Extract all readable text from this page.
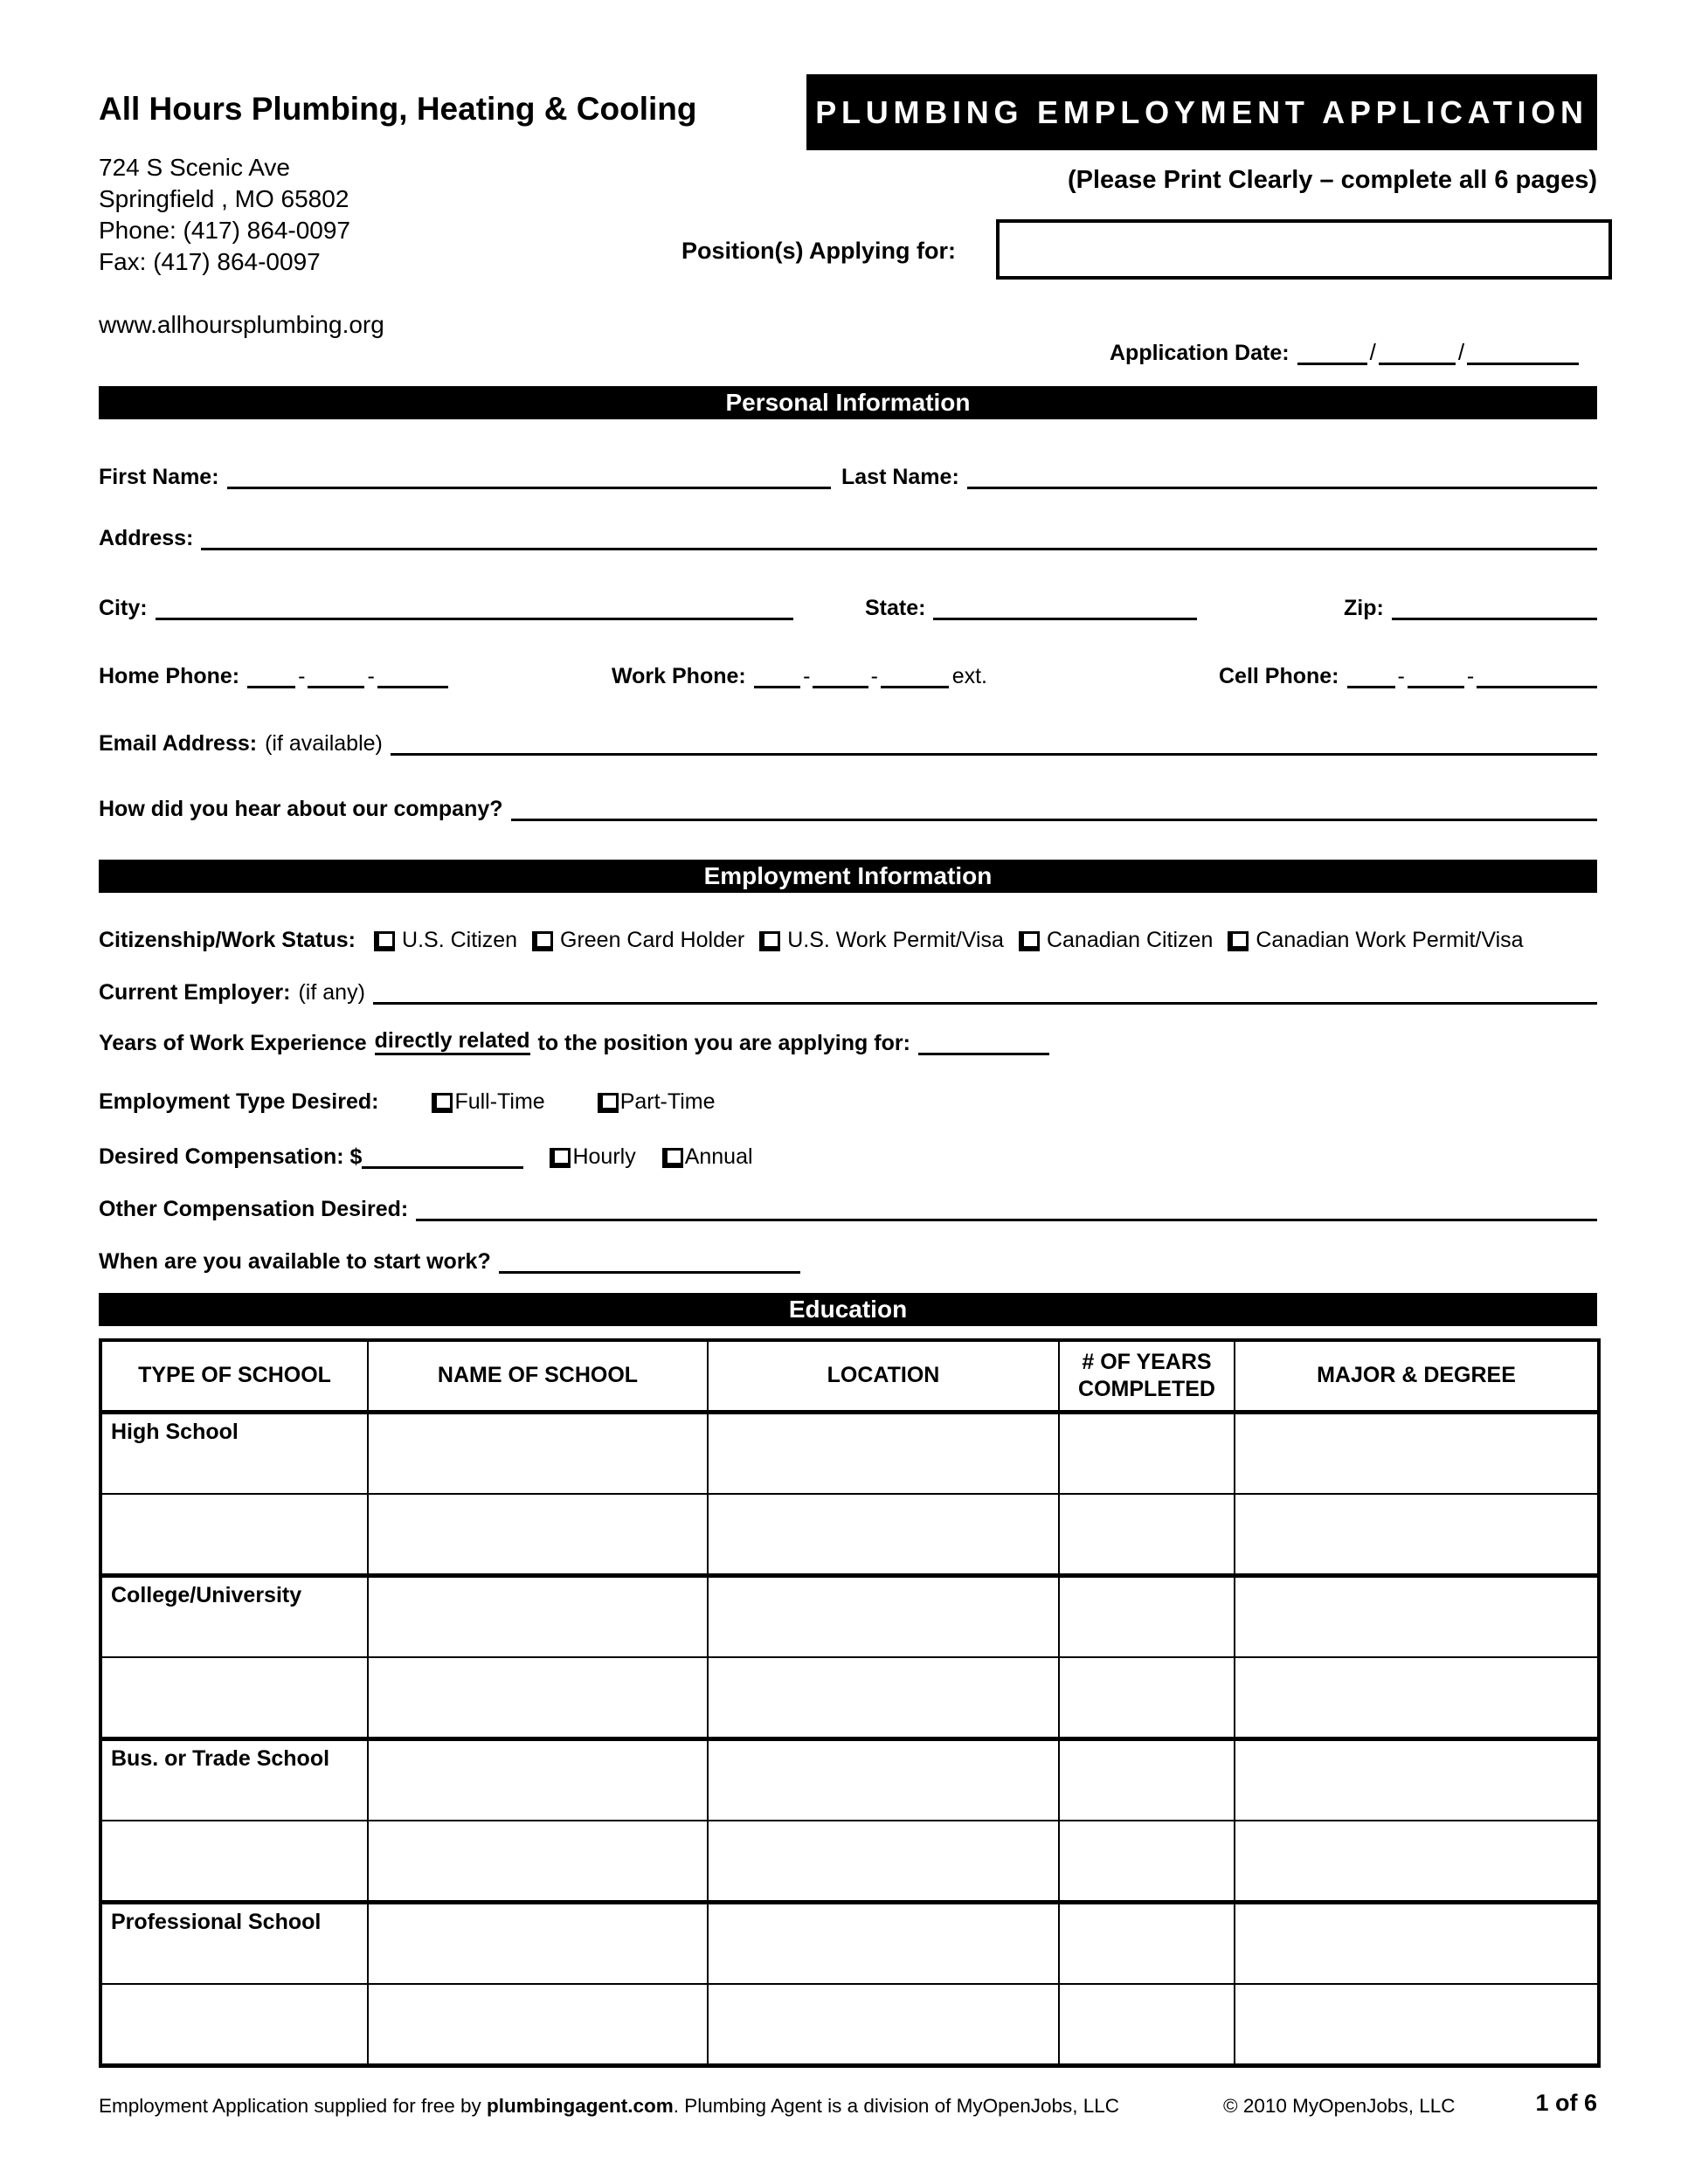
All Hours Plumbing, Heating & Cooling	PLUMBING EMPLOYMENT APPLICATION
724 S Scenic Ave
Springfield , MO 65802
Phone: (417) 864-0097
Fax: (417) 864-0097
(Please Print Clearly – complete all 6 pages)
Position(s) Applying for:
www.allhoursplumbing.org
Application Date:	/	/
Personal Information
First Name:	Last Name:
Address:
City:	State:	Zip:
Home Phone:	-	-	Work Phone:	-	-	ext.	Cell Phone:	-	-
Email Address: (if available)
How did you hear about our company?
Employment Information
Citizenship/Work Status: U.S. Citizen Green Card Holder U.S. Work Permit/Visa Canadian Citizen Canadian Work Permit/Visa
Current Employer: (if any)
Years of Work Experience directly related to the position you are applying for:
Employment Type Desired:	Full-Time	Part-Time
Desired Compensation: $	Hourly Annual
Other Compensation Desired:
When are you available to start work?
Education
TYPE OF SCHOOL	NAME OF SCHOOL	LOCATION	# OF YEARS COMPLETED	MAJOR & DEGREE
High School				

College/University				

Bus. or Trade School				

Professional School				

Employment Application supplied for free by plumbingagent.com. Plumbing Agent is a division of MyOpenJobs, LLC	© 2010 MyOpenJobs, LLC	1 of 6
